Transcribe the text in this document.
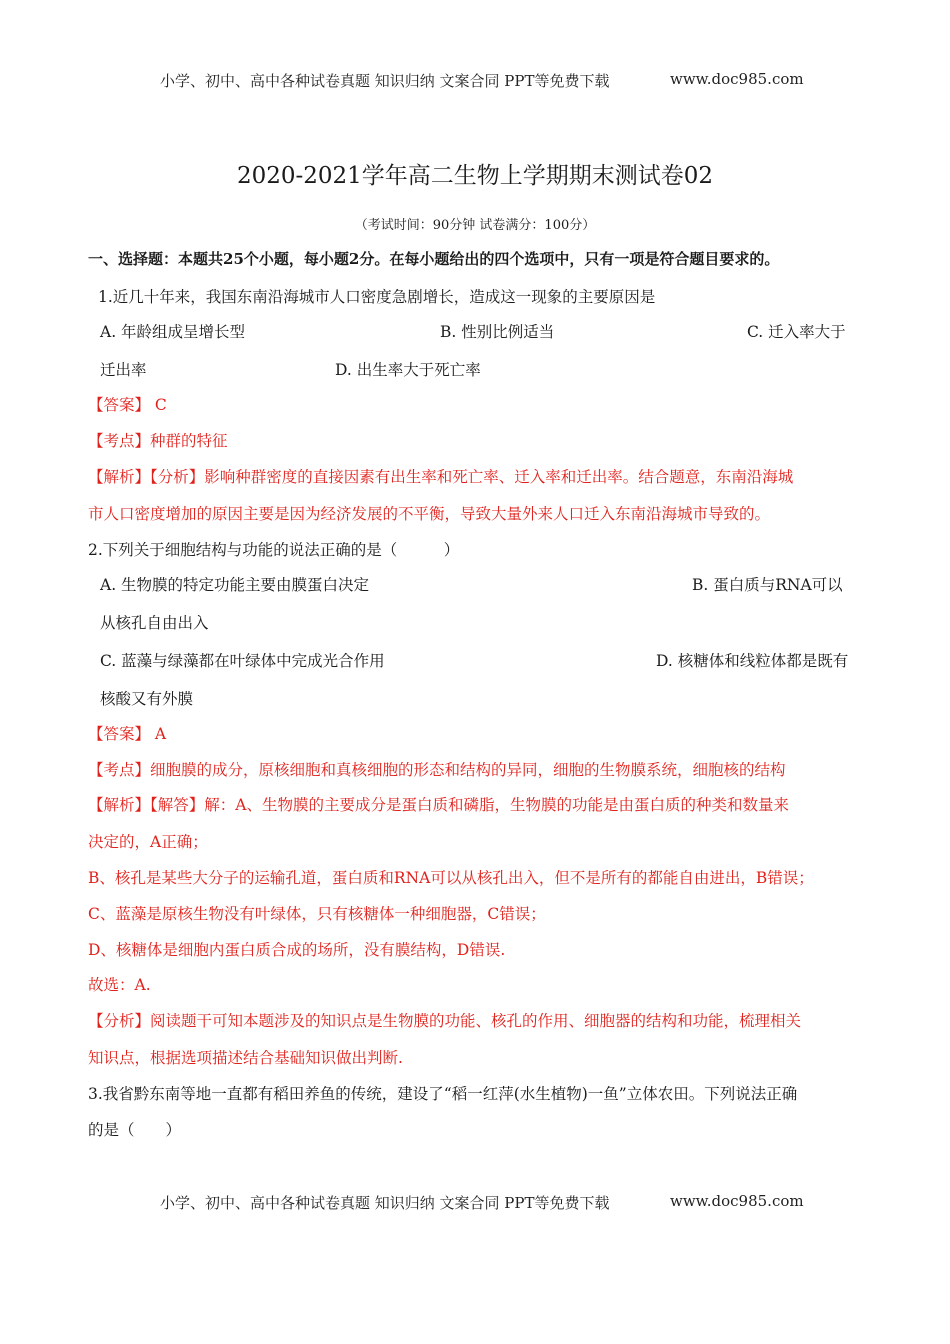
小学、初中、高中各种试卷真题 知识归纳 文案合同 PPT等免费下载	www.doc985.com
2020-2021学年高二生物上学期期末测试卷02
（考试时间：90分钟 试卷满分：100分）
一、选择题：本题共25个小题，每小题2分。在每小题给出的四个选项中，只有一项是符合题目要求的。
1.近几十年来，我国东南沿海城市人口密度急剧增长，造成这一现象的主要原因是
A. 年龄组成呈增长型	B. 性别比例适当	C. 迁入率大于
迁出率	D. 出生率大于死亡率
【答案】 C
【考点】种群的特征
【解析】【分析】影响种群密度的直接因素有出生率和死亡率、迁入率和迁出率。结合题意，东南沿海城
市人口密度增加的原因主要是因为经济发展的不平衡，导致大量外来人口迁入东南沿海城市导致的。
2.下列关于细胞结构与功能的说法正确的是（　　　）
A. 生物膜的特定功能主要由膜蛋白决定	B. 蛋白质与RNA可以
从核孔自由出入
C. 蓝藻与绿藻都在叶绿体中完成光合作用	D. 核糖体和线粒体都是既有
核酸又有外膜
【答案】 A
【考点】细胞膜的成分，原核细胞和真核细胞的形态和结构的异同，细胞的生物膜系统，细胞核的结构
【解析】【解答】解：A、生物膜的主要成分是蛋白质和磷脂，生物膜的功能是由蛋白质的种类和数量来
决定的，A正确；
B、核孔是某些大分子的运输孔道，蛋白质和RNA可以从核孔出入，但不是所有的都能自由进出，B错误；
C、蓝藻是原核生物没有叶绿体，只有核糖体一种细胞器，C错误；
D、核糖体是细胞内蛋白质合成的场所，没有膜结构，D错误.
故选：A.
【分析】阅读题干可知本题涉及的知识点是生物膜的功能、核孔的作用、细胞器的结构和功能，梳理相关
知识点，根据选项描述结合基础知识做出判断.
3.我省黔东南等地一直都有稻田养鱼的传统，建设了“稻一红萍(水生植物)一鱼”立体农田。下列说法正确
的是（　　）
小学、初中、高中各种试卷真题 知识归纳 文案合同 PPT等免费下载	www.doc985.com
